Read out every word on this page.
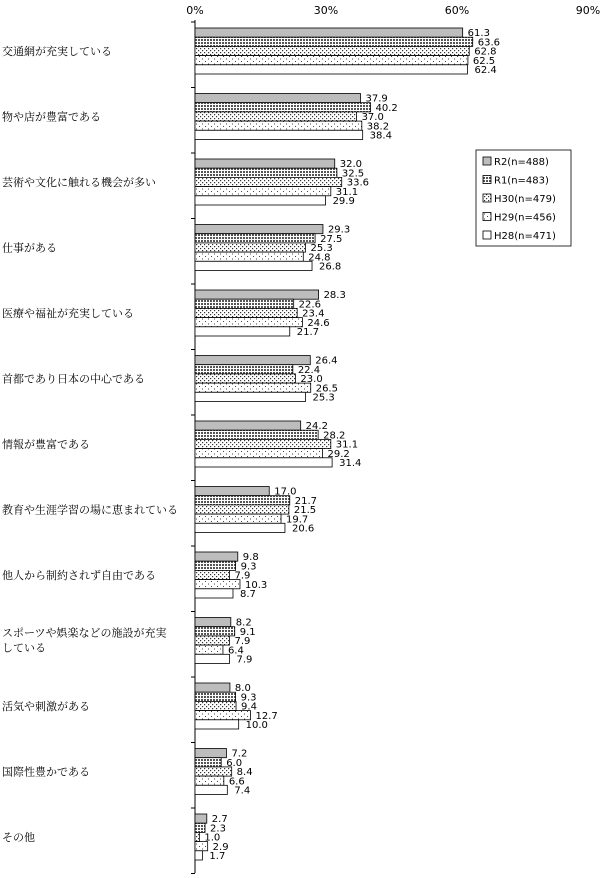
0%	30%	60%	90%
交通網が充実している
物や店が豊富である
芸術や文化に触れる機会が多い
仕事がある
医療や福祉が充実している
首都であり日本の中心である
情報が豊富である
教育や生涯学習の場に恵まれている
他人から制約されず自由である
スポーツや娯楽などの施設が充実
している
活気や刺激がある
国際性豊かである
その他
61.3
63.6
62.8
62.5
62.4
37.9
40.2
37.0
38.2
38.4
32.0
32.5
33.6
31.1
29.9
29.3
27.5
25.3
24.8
26.8
28.3
22.6
23.4
24.6
21.7
26.4
22.4
23.0
26.5
25.3
24.2
28.2
31.1
29.2
31.4
17.0
21.7
21.5
19.7
20.6
9.8
9.3
7.9
10.3
8.7
8.2
9.1
7.9
6.4
7.9
8.0
9.3
9.4
12.7
10.0
7.2
6.0
8.4
6.6
7.4
2.7
2.3
1.0
2.9
1.7
R2(n=488)
R1(n=483)
H30(n=479)
H29(n=456)
H28(n=471)
